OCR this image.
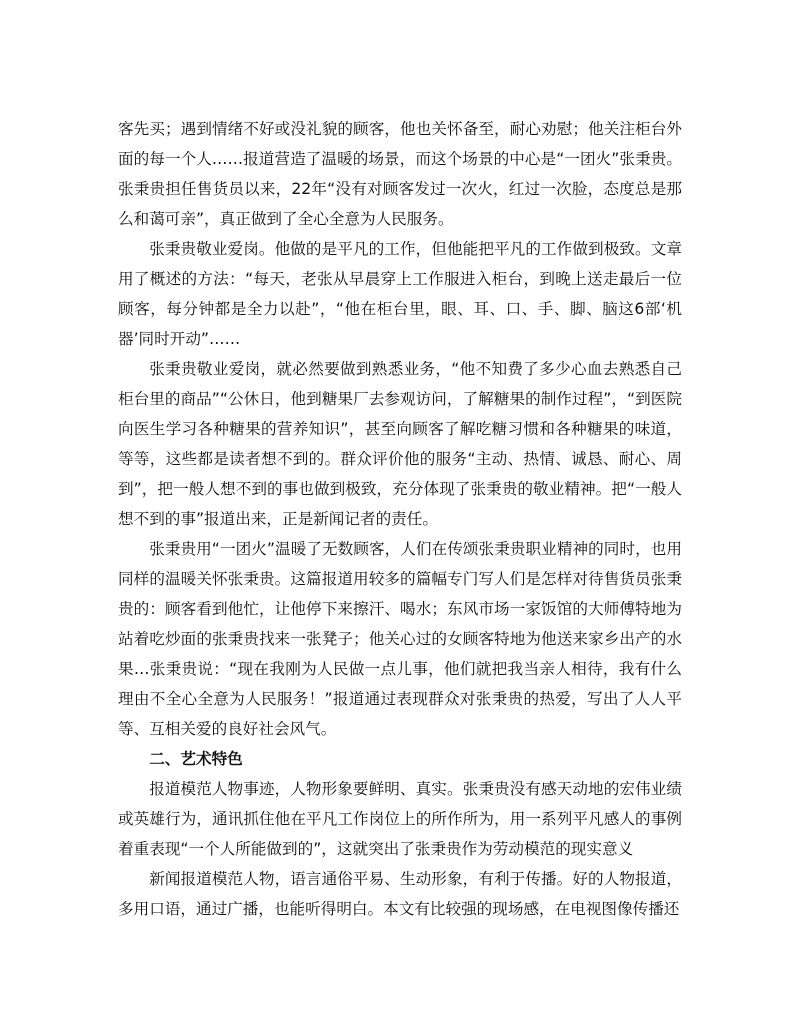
客先买；遇到情绪不好或没礼貌的顾客，他也关怀备至，耐心劝慰；他关注柜台外面的每一个人……报道营造了温暖的场景，而这个场景的中心是“一团火”张秉贵。张秉贵担任售货员以来，22年“没有对顾客发过一次火，红过一次脸，态度总是那么和蔼可亲”，真正做到了全心全意为人民服务。

张秉贵敬业爱岗。他做的是平凡的工作，但他能把平凡的工作做到极致。文章用了概述的方法：“每天，老张从早晨穿上工作服进入柜台，到晚上送走最后一位顾客，每分钟都是全力以赴”，“他在柜台里，眼、耳、口、手、脚、脑这6部‘机器’同时开动”……

张秉贵敬业爱岗，就必然要做到熟悉业务，“他不知费了多少心血去熟悉自己柜台里的商品”“公休日，他到糖果厂去参观访问，了解糖果的制作过程”，“到医院向医生学习各种糖果的营养知识”，甚至向顾客了解吃糖习惯和各种糖果的味道，等等，这些都是读者想不到的。群众评价他的服务“主动、热情、诚恳、耐心、周到”，把一般人想不到的事也做到极致，充分体现了张秉贵的敬业精神。把“一般人想不到的事”报道出来，正是新闻记者的责任。

张秉贵用“一团火”温暖了无数顾客，人们在传颂张秉贵职业精神的同时，也用同样的温暖关怀张秉贵。这篇报道用较多的篇幅专门写人们是怎样对待售货员张秉贵的：顾客看到他忙，让他停下来擦汗、喝水；东风市场一家饭馆的大师傅特地为站着吃炒面的张秉贵找来一张凳子；他关心过的女顾客特地为他送来家乡出产的水果…张秉贵说：“现在我刚为人民做一点儿事，他们就把我当亲人相待，我有什么理由不全心全意为人民服务！”报道通过表现群众对张秉贵的热爱，写出了人人平等、互相关爱的良好社会风气。

二、艺术特色

报道模范人物事迹，人物形象要鲜明、真实。张秉贵没有感天动地的宏伟业绩或英雄行为，通讯抓住他在平凡工作岗位上的所作所为，用一系列平凡感人的事例着重表现“一个人所能做到的”，这就突出了张秉贵作为劳动模范的现实意义

新闻报道模范人物，语言通俗平易、生动形象，有利于传播。好的人物报道，多用口语，通过广播，也能听得明白。本文有比较强的现场感，在电视图像传播还
